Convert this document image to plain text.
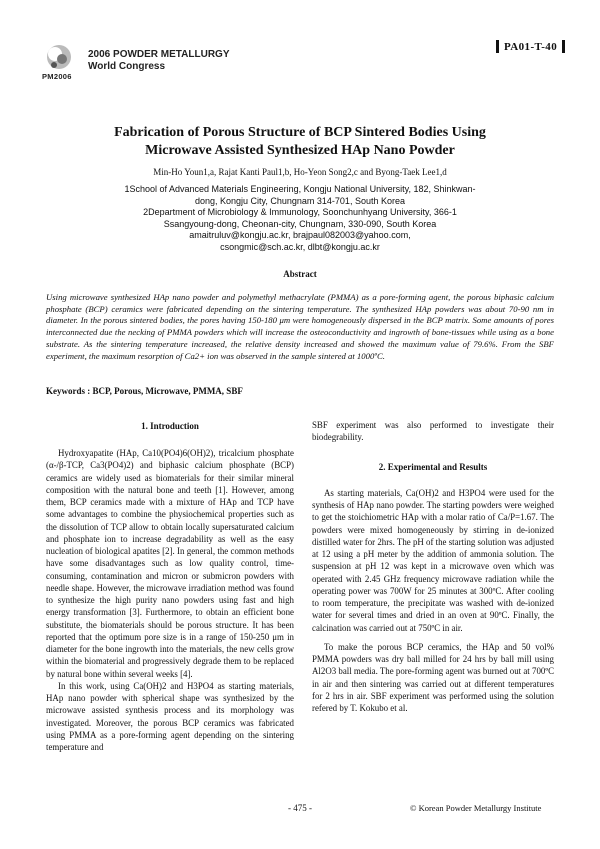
PM2006
2006 POWDER METALLURGY
World Congress
PA01-T-40
Fabrication of Porous Structure of BCP Sintered Bodies Using
Microwave Assisted Synthesized HAp Nano Powder
Min-Ho Youn1,a, Rajat Kanti Paul1,b, Ho-Yeon Song2,c and Byong-Taek Lee1,d
1School of Advanced Materials Engineering, Kongju National University, 182, Shinkwan-
dong, Kongju City, Chungnam 314-701, South Korea
2Department of Microbiology & Immunology, Soonchunhyang University, 366-1
Ssangyoung-dong, Cheonan-city, Chungnam, 330-090, South Korea
amaitruluv@kongju.ac.kr, brajpaul082003@yahoo.com,
csongmic@sch.ac.kr, dlbt@kongju.ac.kr
Abstract
Using microwave synthesized HAp nano powder and polymethyl methacrylate (PMMA) as a pore-forming agent, the porous biphasic calcium phosphate (BCP) ceramics were fabricated depending on the sintering temperature. The synthesized HAp powders was about 70-90 nm in diameter. In the porous sintered bodies, the pores having 150-180 μm were homogeneously dispersed in the BCP matrix. Some amounts of pores interconnected due the necking of PMMA powders which will increase the osteoconductivity and ingrowth of bone-tissues while using as a bone substrate. As the sintering temperature increased, the relative density increased and showed the maximum value of 79.6%. From the SBF experiment, the maximum resorption of Ca2+ ion was observed in the sample sintered at 1000ºC.
Keywords : BCP, Porous, Microwave, PMMA, SBF

Hydroxyapatite (HAp, Ca10(PO4)6(OH)2), tricalcium phosphate (α-/β-TCP, Ca3(PO4)2) and biphasic calcium phosphate (BCP) ceramics are widely used as biomaterials for their similar mineral composition with the natural bone and teeth [1]. However, among them, BCP ceramics made with a mixture of HAp and TCP have some advantages to combine the physiochemical properties such as the dissolution of TCP allow to obtain locally supersaturated calcium and phosphate ion to increase degradability as well as the easy nucleation of biological apatites [2]. In general, the common methods have some disadvantages such as low quality control, time-consuming, contamination and micron or submicron powders with needle shape. However, the microwave irradiation method was found to synthesize the high purity nano powders using fast and high energy transformation [3]. Furthermore, to obtain an efficient bone substitute, the biomaterials should be porous structure. It has been reported that the optimum pore size is in a range of 150-250 μm in diameter for the bone ingrowth into the materials, the new cells grow within the biomaterial and progressively degrade them to be replaced by natural bone within several weeks [4].

In this work, using Ca(OH)2 and H3PO4 as starting materials, HAp nano powder with spherical shape was synthesized by the microwave assisted synthesis process and its morphology was investigated. Moreover, the porous BCP ceramics was fabricated using PMMA as a pore-forming agent depending on the sintering temperature and

1. Introduction	SBF experiment was also performed to investigate their biodegrability.

2. Experimental and Results

As starting materials, Ca(OH)2 and H3PO4 were used for the synthesis of HAp nano powder. The starting powders were weighed to get the stoichiometric HAp with a molar ratio of Ca/P=1.67. The powders were mixed homogeneously by stirring in de-ionized distilled water for 2hrs. The pH of the starting solution was adjusted at 12 using a pH meter by the addition of ammonia solution. The suspension at pH 12 was kept in a microwave oven which was operated with 2.45 GHz frequency microwave radiation while the operating power was 700W for 25 minutes at 300ºC. After cooling to room temperature, the precipitate was washed with de-ionized water for several times and dried in an oven at 90ºC. Finally, the calcination was carried out at 750ºC in air.

To make the porous BCP ceramics, the HAp and 50 vol% PMMA powders was dry ball milled for 24 hrs by ball mill using Al2O3 ball media. The pore-forming agent was burned out at 700ºC in air and then sintering was carried out at different temperatures for 2 hrs in air. SBF experiment was performed using the solution refered by T. Kokubo et al.

- 475 -	© Korean Powder Metallurgy Institute
